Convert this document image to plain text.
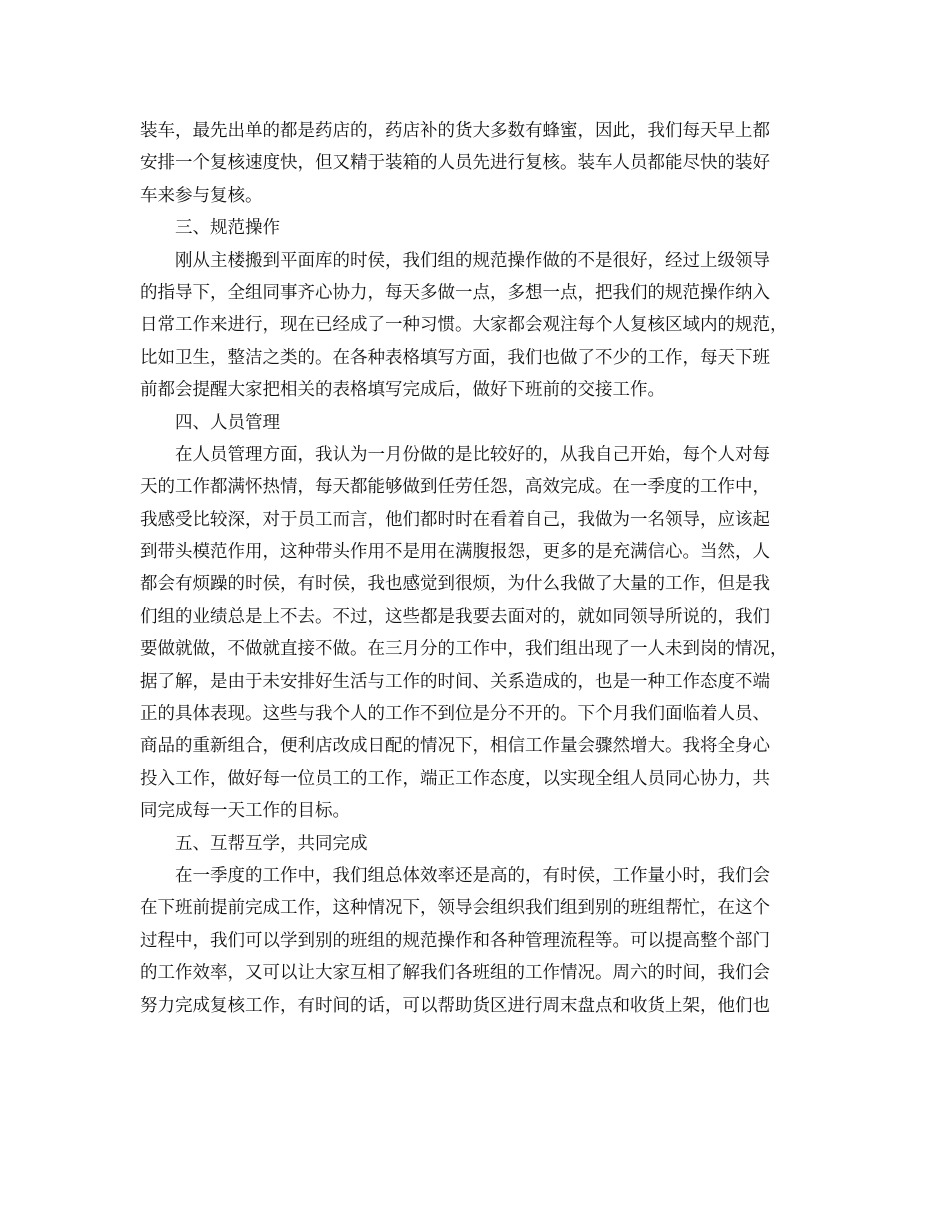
装车，最先出单的都是药店的，药店补的货大多数有蜂蜜，因此，我们每天早上都
安排一个复核速度快，但又精于装箱的人员先进行复核。装车人员都能尽快的装好
车来参与复核。
三、规范操作
刚从主楼搬到平面库的时侯，我们组的规范操作做的不是很好，经过上级领导
的指导下，全组同事齐心协力，每天多做一点，多想一点，把我们的规范操作纳入
日常工作来进行，现在已经成了一种习惯。大家都会观注每个人复核区域内的规范，
比如卫生，整洁之类的。在各种表格填写方面，我们也做了不少的工作，每天下班
前都会提醒大家把相关的表格填写完成后，做好下班前的交接工作。
四、人员管理
在人员管理方面，我认为一月份做的是比较好的，从我自己开始，每个人对每
天的工作都满怀热情，每天都能够做到任劳任怨，高效完成。在一季度的工作中，
我感受比较深，对于员工而言，他们都时时在看着自己，我做为一名领导，应该起
到带头模范作用，这种带头作用不是用在满腹报怨，更多的是充满信心。当然，人
都会有烦躁的时侯，有时侯，我也感觉到很烦，为什么我做了大量的工作，但是我
们组的业绩总是上不去。不过，这些都是我要去面对的，就如同领导所说的，我们
要做就做，不做就直接不做。在三月分的工作中，我们组出现了一人未到岗的情况，
据了解，是由于未安排好生活与工作的时间、关系造成的，也是一种工作态度不端
正的具体表现。这些与我个人的工作不到位是分不开的。下个月我们面临着人员、
商品的重新组合，便利店改成日配的情况下，相信工作量会骤然增大。我将全身心
投入工作，做好每一位员工的工作，端正工作态度，以实现全组人员同心协力，共
同完成每一天工作的目标。
五、互帮互学，共同完成
在一季度的工作中，我们组总体效率还是高的，有时侯，工作量小时，我们会
在下班前提前完成工作，这种情况下，领导会组织我们组到别的班组帮忙，在这个
过程中，我们可以学到别的班组的规范操作和各种管理流程等。可以提高整个部门
的工作效率，又可以让大家互相了解我们各班组的工作情况。周六的时间，我们会
努力完成复核工作，有时间的话，可以帮助货区进行周末盘点和收货上架，他们也
